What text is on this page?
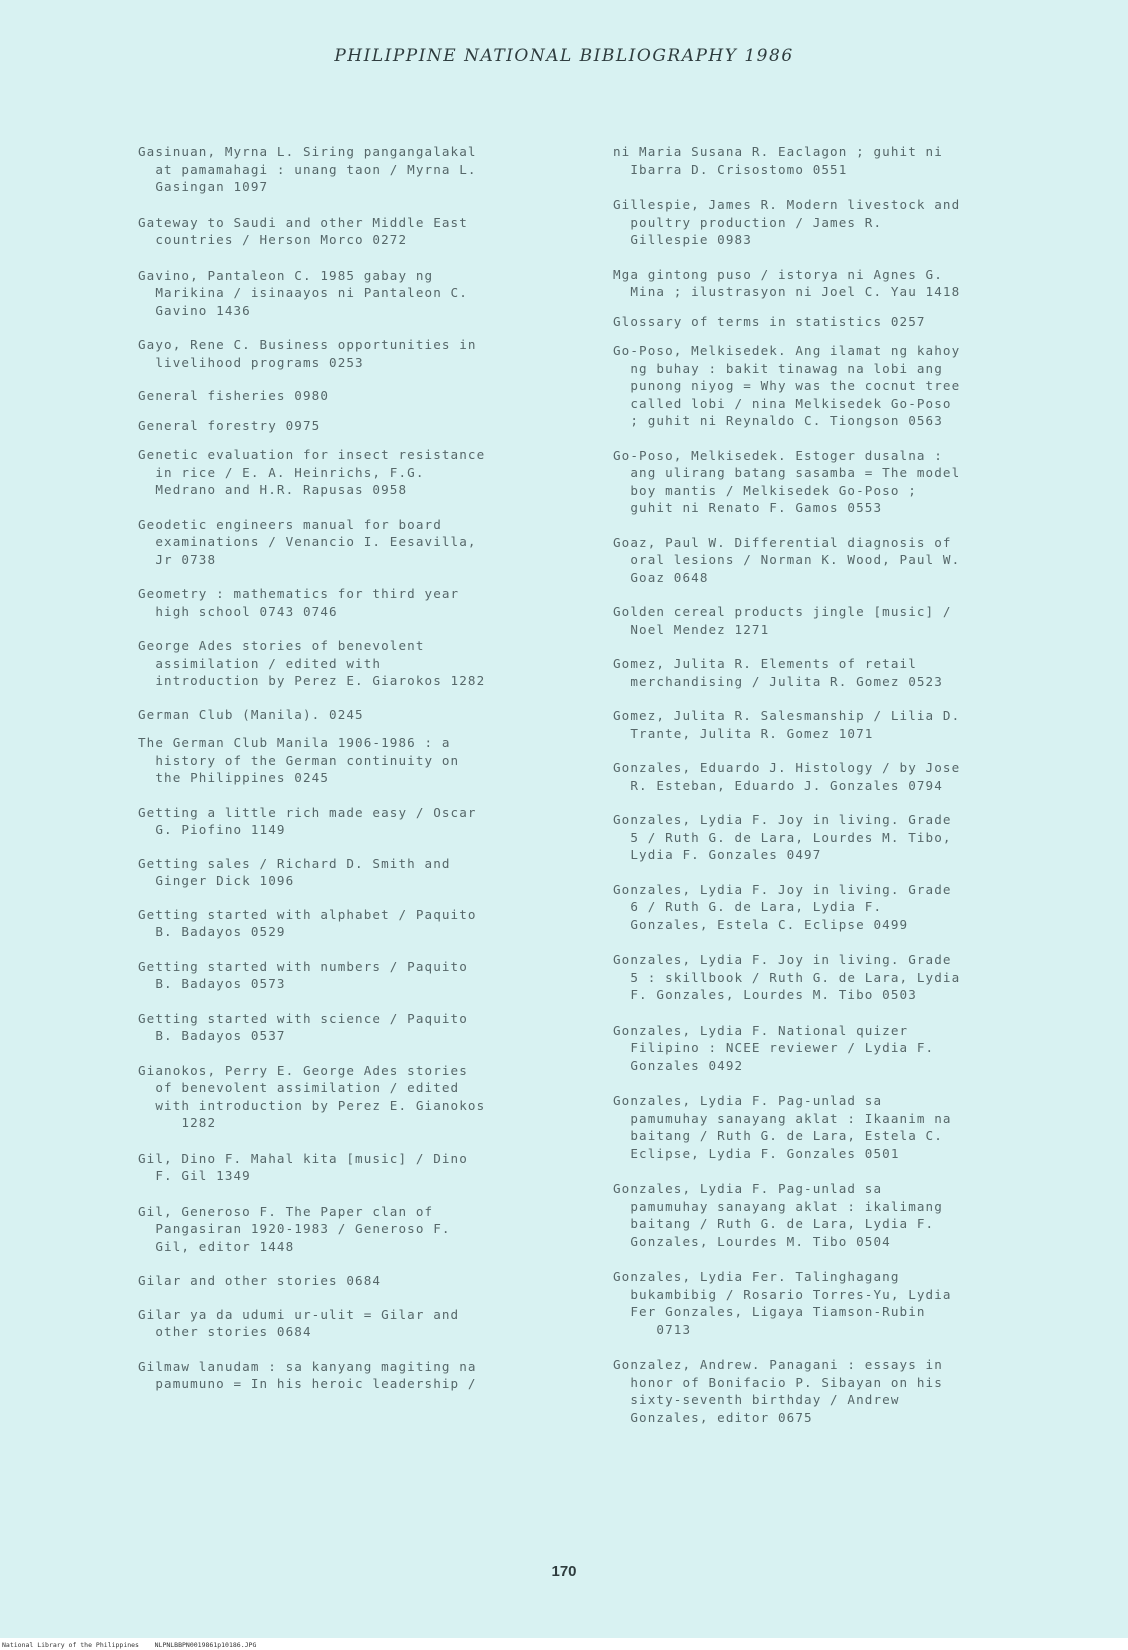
PHILIPPINE NATIONAL BIBLIOGRAPHY 1986
Gasinuan, Myrna L. Siring pangangalakal
at pamamahagi : unang taon / Myrna L.
Gasingan 1097
Gateway to Saudi and other Middle East
countries / Herson Morco 0272
Gavino, Pantaleon C. 1985 gabay ng
Marikina / isinaayos ni Pantaleon C.
Gavino 1436
Gayo, Rene C. Business opportunities in
livelihood programs 0253
General fisheries 0980
General forestry 0975
Genetic evaluation for insect resistance
in rice / E. A. Heinrichs, F.G.
Medrano and H.R. Rapusas 0958
Geodetic engineers manual for board
examinations / Venancio I. Eesavilla,
Jr 0738
Geometry : mathematics for third year
high school 0743 0746
George Ades stories of benevolent
assimilation / edited with
introduction by Perez E. Giarokos 1282
German Club (Manila). 0245
The German Club Manila 1906-1986 : a
history of the German continuity on
the Philippines 0245
Getting a little rich made easy / Oscar
G. Piofino 1149
Getting sales / Richard D. Smith and
Ginger Dick 1096
Getting started with alphabet / Paquito
B. Badayos 0529
Getting started with numbers / Paquito
B. Badayos 0573
Getting started with science / Paquito
B. Badayos 0537
Gianokos, Perry E. George Ades stories
of benevolent assimilation / edited
with introduction by Perez E. Gianokos
1282
Gil, Dino F. Mahal kita [music] / Dino
F. Gil 1349
Gil, Generoso F. The Paper clan of
Pangasiran 1920-1983 / Generoso F.
Gil, editor 1448
Gilar and other stories 0684
Gilar ya da udumi ur-ulit = Gilar and
other stories 0684
Gilmaw lanudam : sa kanyang magiting na
pamumuno = In his heroic leadership /
ni Maria Susana R. Eaclagon ; guhit ni
Ibarra D. Crisostomo 0551
Gillespie, James R. Modern livestock and
poultry production / James R.
Gillespie 0983
Mga gintong puso / istorya ni Agnes G.
Mina ; ilustrasyon ni Joel C. Yau 1418
Glossary of terms in statistics 0257
Go-Poso, Melkisedek. Ang ilamat ng kahoy
ng buhay : bakit tinawag na lobi ang
punong niyog = Why was the cocnut tree
called lobi / nina Melkisedek Go-Poso
; guhit ni Reynaldo C. Tiongson 0563
Go-Poso, Melkisedek. Estoger dusalna :
ang ulirang batang sasamba = The model
boy mantis / Melkisedek Go-Poso ;
guhit ni Renato F. Gamos 0553
Goaz, Paul W. Differential diagnosis of
oral lesions / Norman K. Wood, Paul W.
Goaz 0648
Golden cereal products jingle [music] /
Noel Mendez 1271
Gomez, Julita R. Elements of retail
merchandising / Julita R. Gomez 0523
Gomez, Julita R. Salesmanship / Lilia D.
Trante, Julita R. Gomez 1071
Gonzales, Eduardo J. Histology / by Jose
R. Esteban, Eduardo J. Gonzales 0794
Gonzales, Lydia F. Joy in living. Grade
5 / Ruth G. de Lara, Lourdes M. Tibo,
Lydia F. Gonzales 0497
Gonzales, Lydia F. Joy in living. Grade
6 / Ruth G. de Lara, Lydia F.
Gonzales, Estela C. Eclipse 0499
Gonzales, Lydia F. Joy in living. Grade
5 : skillbook / Ruth G. de Lara, Lydia
F. Gonzales, Lourdes M. Tibo 0503
Gonzales, Lydia F. National quizer
Filipino : NCEE reviewer / Lydia F.
Gonzales 0492
Gonzales, Lydia F. Pag-unlad sa
pamumuhay sanayang aklat : Ikaanim na
baitang / Ruth G. de Lara, Estela C.
Eclipse, Lydia F. Gonzales 0501
Gonzales, Lydia F. Pag-unlad sa
pamumuhay sanayang aklat : ikalimang
baitang / Ruth G. de Lara, Lydia F.
Gonzales, Lourdes M. Tibo 0504
Gonzales, Lydia Fer. Talinghagang
bukambibig / Rosario Torres-Yu, Lydia
Fer Gonzales, Ligaya Tiamson-Rubin
0713
Gonzalez, Andrew. Panagani : essays in
honor of Bonifacio P. Sibayan on his
sixty-seventh birthday / Andrew
Gonzales, editor 0675
170
National Library of the Philippines    NLPNLBBPN0019861p10186.JPG
